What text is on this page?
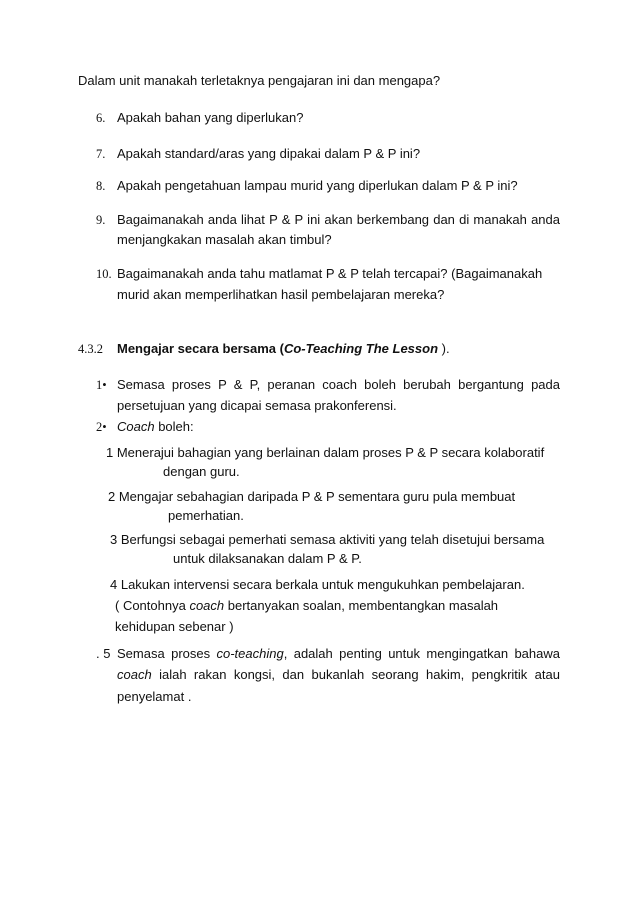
Dalam unit manakah terletaknya pengajaran ini dan mengapa?
6. Apakah bahan yang diperlukan?
7. Apakah standard/aras yang dipakai dalam P & P ini?
8. Apakah pengetahuan lampau murid yang diperlukan dalam P & P ini?
9. Bagaimanakah anda lihat P & P ini akan berkembang dan di manakah anda
menjangkakan masalah akan timbul?
10. Bagaimanakah anda tahu matlamat P & P telah tercapai? (Bagaimanakah
murid akan memperlihatkan hasil pembelajaran mereka?
4.3.2 Mengajar secara bersama (Co-Teaching The Lesson ).
1• Semasa proses P & P, peranan coach boleh berubah bergantung pada
persetujuan yang dicapai semasa prakonferensi.
2• Coach boleh:
1 Menerajui bahagian yang berlainan dalam proses P & P secara kolaboratif
dengan guru.
2 Mengajar sebahagian daripada P & P sementara guru pula membuat
pemerhatian.
3 Berfungsi sebagai pemerhati semasa aktiviti yang telah disetujui bersama
untuk dilaksanakan dalam P & P.
4 Lakukan intervensi secara berkala untuk mengukuhkan pembelajaran.
( Contohnya coach bertanyakan soalan, membentangkan masalah
kehidupan sebenar )
. 5 Semasa proses co-teaching, adalah penting untuk mengingatkan bahawa
coach ialah rakan kongsi, dan bukanlah seorang hakim, pengkritik atau
penyelamat .
